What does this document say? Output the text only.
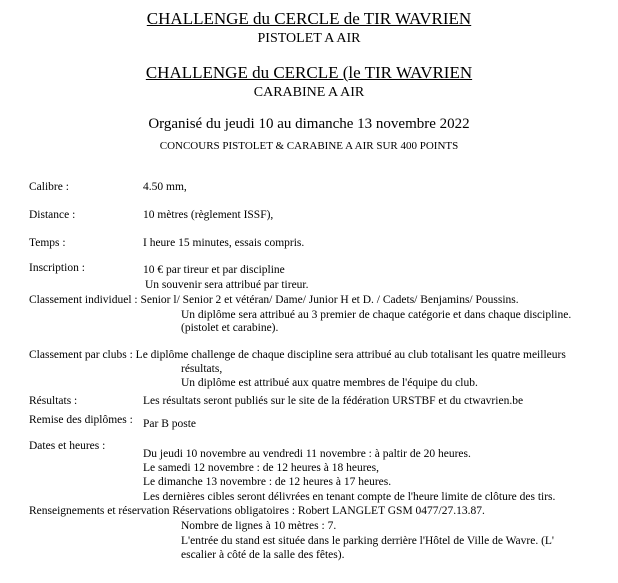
CHALLENGE du CERCLE de TIR WAVRIEN
PISTOLET A AIR
CHALLENGE du CERCLE (le TIR WAVRIEN
CARABINE A AIR
Organisé du jeudi 10 au dimanche 13 novembre 2022
CONCOURS PISTOLET & CARABINE A AIR SUR 400 POINTS
Calibre :	4.50 mm,
Distance :	10 mètres (règlement ISSF),
Temps :	I heure 15 minutes, essais compris.
Inscription :	10 € par tireur et par discipline
Un souvenir sera attribué par tireur.
Classement individuel : Senior l/ Senior 2 et vétéran/ Dame/ Junior H et D. / Cadets/ Benjamins/ Poussins.
Un diplôme sera attribué au 3 premier de chaque catégorie et dans chaque discipline.
(pistolet et carabine).
Classement par clubs : Le diplôme challenge de chaque discipline sera attribué au club totalisant les quatre meilleurs
résultats,
Un diplôme est attribué aux quatre membres de l'équipe du club.
Résultats :	Les résultats seront publiés sur le site de la fédération URSTBF et du ctwavrien.be
Remise des diplômes : Par B poste
Dates et heures :
Du jeudi 10 novembre au vendredi 11 novembre : à paltir de 20 heures.
Le samedi 12 novembre : de 12 heures à 18 heures,
Le dimanche 13 novembre : de 12 heures à 17 heures.
Les dernières cibles seront délivrées en tenant compte de l'heure limite de clôture des tirs.
Renseignements et réservation Réservations obligatoires : Robert LANGLET GSM 0477/27.13.87.
Nombre de lignes à 10 mètres : 7.
L'entrée du stand est située dans le parking derrière l'Hôtel de Ville de Wavre. (L'
escalier à côté de la salle des fêtes).
